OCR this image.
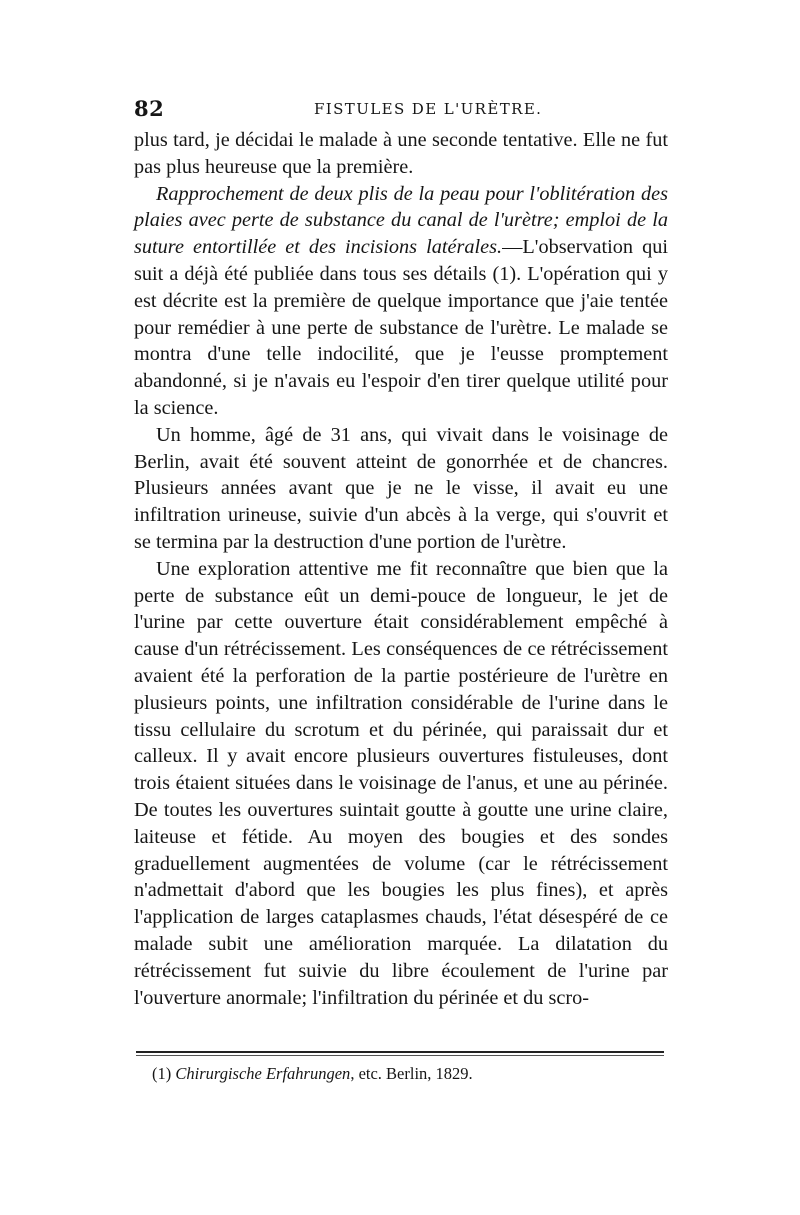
82	FISTULES DE L'URÈTRE.

plus tard, je décidai le malade à une seconde tentative. Elle ne fut pas plus heureuse que la première.

Rapprochement de deux plis de la peau pour l'oblitération des plaies avec perte de substance du canal de l'urètre; emploi de la suture entortillée et des incisions latérales.—L'observation qui suit a déjà été publiée dans tous ses détails (1). L'opération qui y est décrite est la première de quelque importance que j'aie tentée pour remédier à une perte de substance de l'urètre. Le malade se montra d'une telle indocilité, que je l'eusse promptement abandonné, si je n'avais eu l'espoir d'en tirer quelque utilité pour la science.

Un homme, âgé de 31 ans, qui vivait dans le voisinage de Berlin, avait été souvent atteint de gonorrhée et de chancres. Plusieurs années avant que je ne le visse, il avait eu une infiltration urineuse, suivie d'un abcès à la verge, qui s'ouvrit et se termina par la destruction d'une portion de l'urètre.

Une exploration attentive me fit reconnaître que bien que la perte de substance eût un demi-pouce de longueur, le jet de l'urine par cette ouverture était considérablement empêché à cause d'un rétrécissement. Les conséquences de ce rétrécissement avaient été la perforation de la partie postérieure de l'urètre en plusieurs points, une infiltration considérable de l'urine dans le tissu cellulaire du scrotum et du périnée, qui paraissait dur et calleux. Il y avait encore plusieurs ouvertures fistuleuses, dont trois étaient situées dans le voisinage de l'anus, et une au périnée. De toutes les ouvertures suintait goutte à goutte une urine claire, laiteuse et fétide. Au moyen des bougies et des sondes graduellement augmentées de volume (car le rétrécissement n'admettait d'abord que les bougies les plus fines), et après l'application de larges cataplasmes chauds, l'état désespéré de ce malade subit une amélioration marquée. La dilatation du rétrécissement fut suivie du libre écoulement de l'urine par l'ouverture anormale; l'infiltration du périnée et du scro-

(1) Chirurgische Erfahrungen, etc. Berlin, 1829.
